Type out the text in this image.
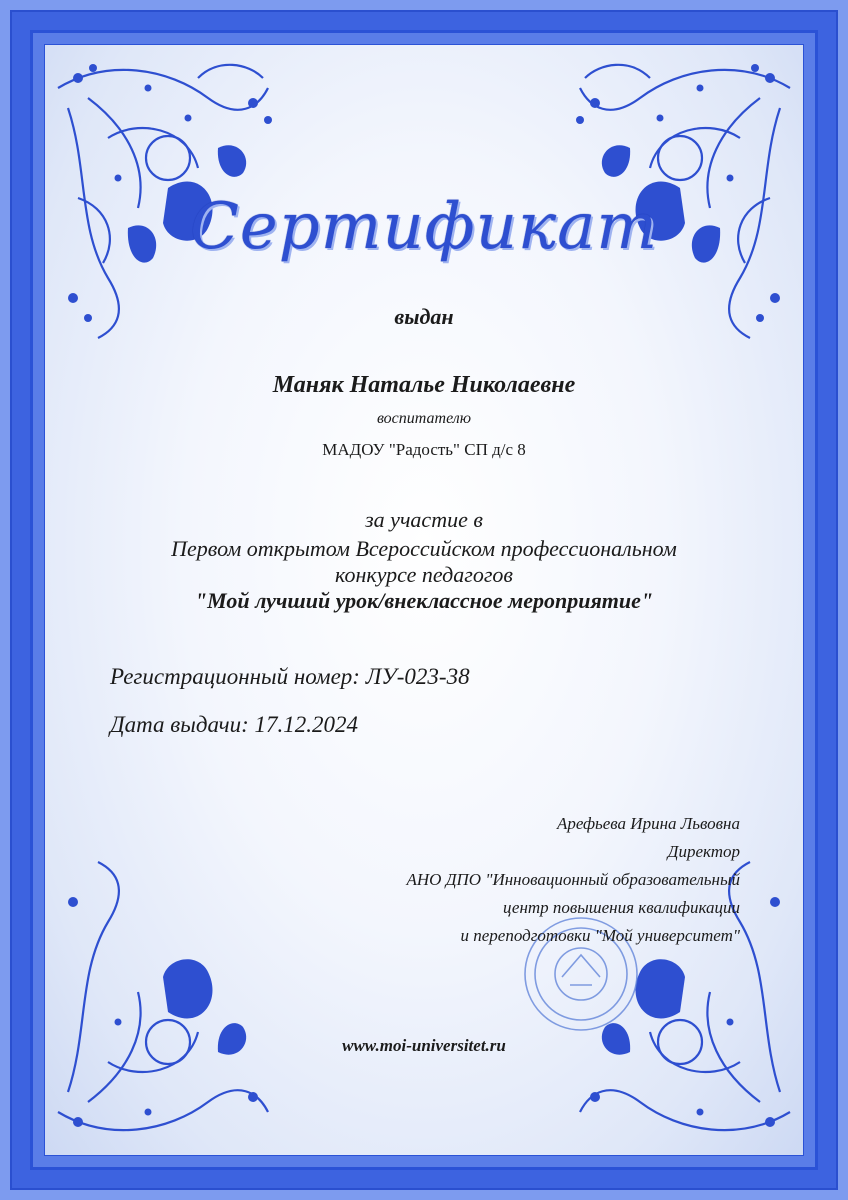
Сертификат
выдан
Маняк Наталье Николаевне
воспитателю
МАДОУ "Радость" СП д/с 8
за участие в
Первом открытом Всероссийском профессиональном
конкурсе педагогов
"Мой лучший урок/внеклассное мероприятие"
Регистрационный номер: ЛУ-023-38
Дата выдачи: 17.12.2024
Арефьева Ирина Львовна
Директор
АНО ДПО "Инновационный образовательный
центр повышения квалификации
и переподготовки "Мой университет"
www.moi-universitet.ru
